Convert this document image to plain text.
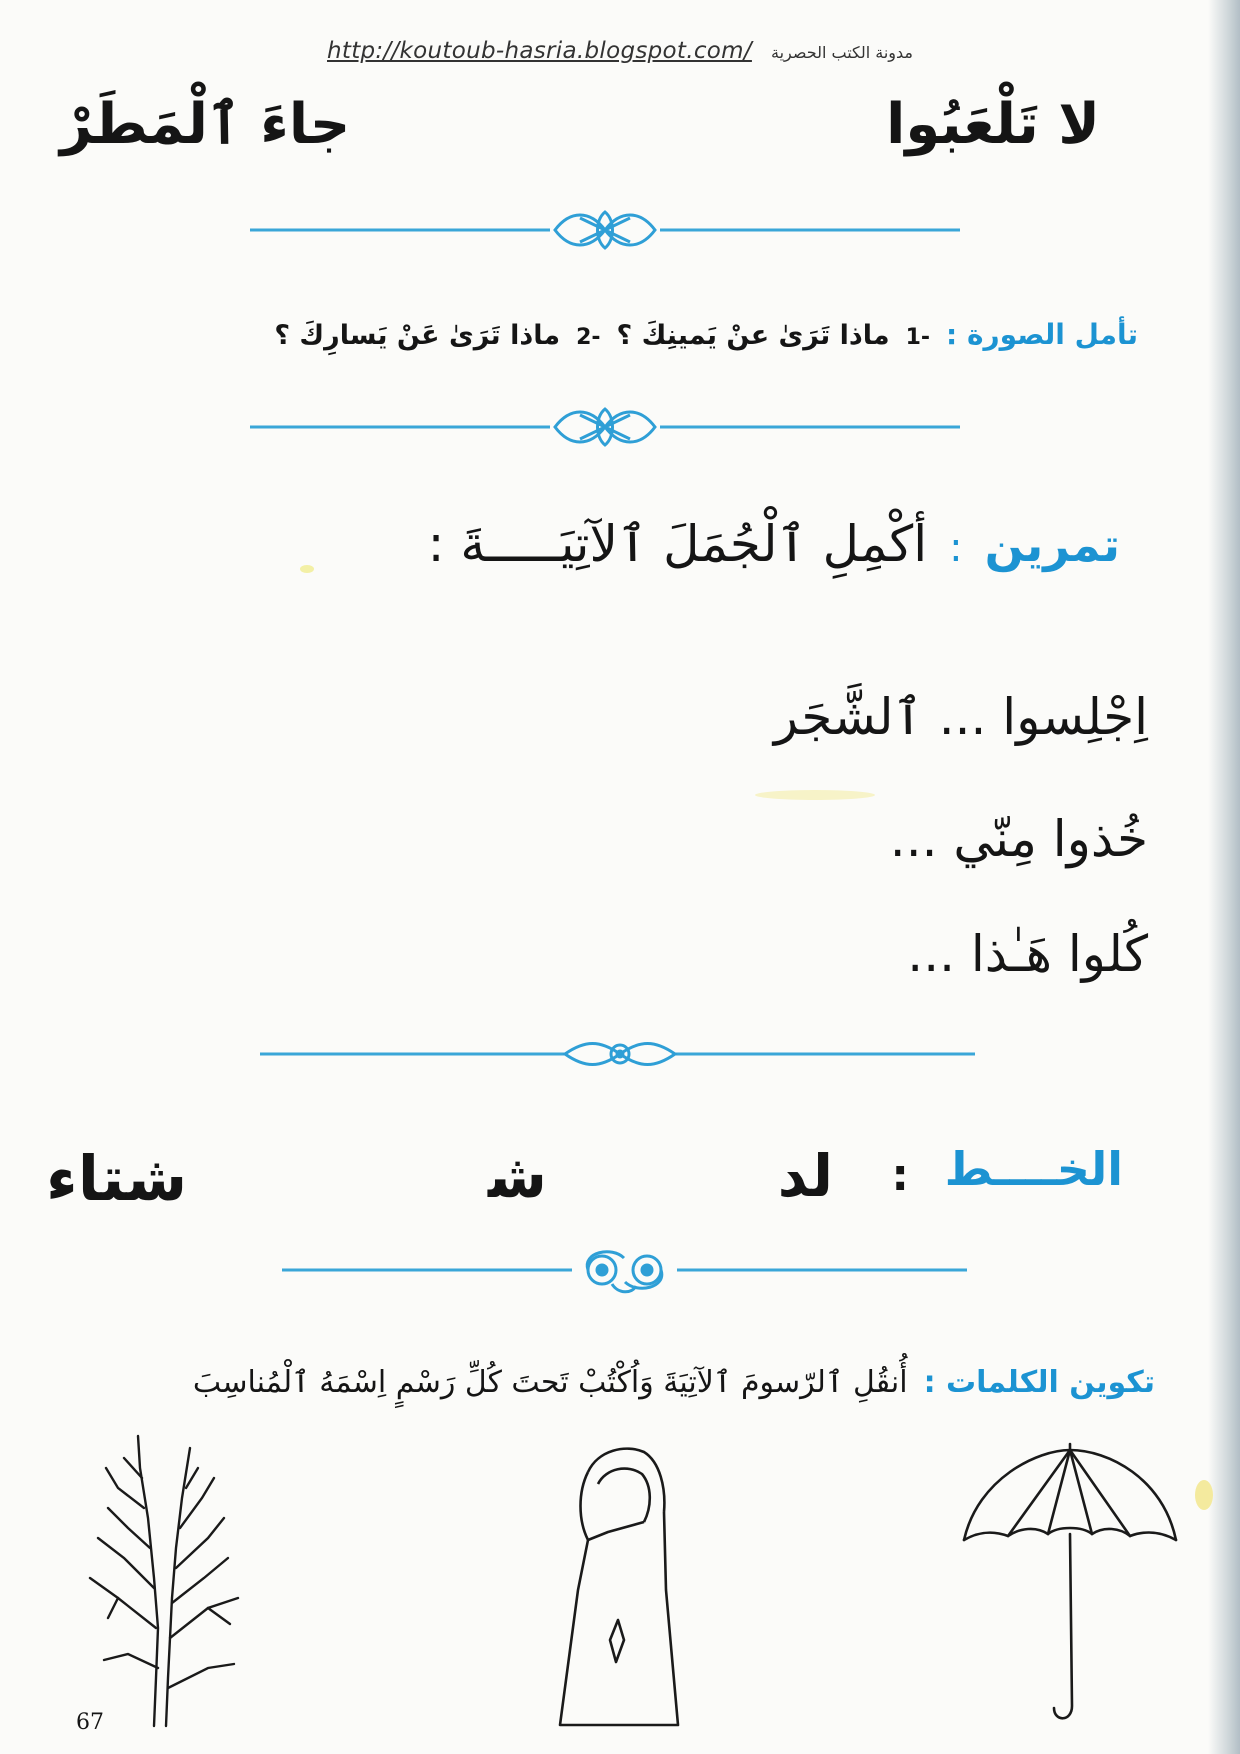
http://koutoub-hasria.blogspot.com/ مدونة الكتب الحصرية
لا تَلْعَبُوا
جاءَ ٱلْمَطَرْ
تأمل الصورة :
1-
ماذا تَرَىٰ عنْ يَمينِكَ ؟
2-
ماذا تَرَىٰ عَنْ يَسارِكَ ؟
تمرين
:
أكْمِلِ ٱلْجُمَلَ ٱلآتِيَـــــةَ :
اِجْلِسوا ... ٱلشَّجَر
خُذوا مِنّي ...
كُلوا هَـٰذا ...
الخــــط
:
ﻟﺪ
ﺷ
شتاء
تكوين الكلمات :
أُنقُلِ ٱلرّسومَ ٱلآتِيَةَ وَاُكْتُبْ تَحتَ كُلِّ رَسْمٍ اِسْمَهُ ٱلْمُناسِبَ
67
